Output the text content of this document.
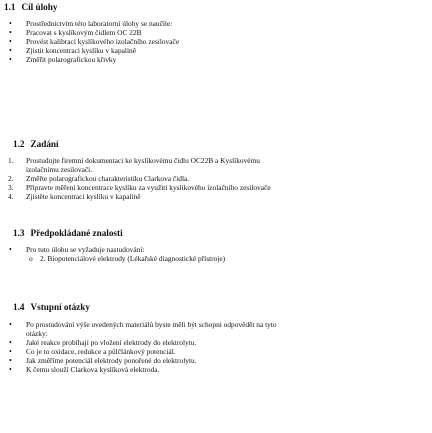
1.1 Cíl úlohy
• Prostřednictvím této laboratorní úlohy se naučíte:
• Pracovat s kyslíkovým čidlem OC 22B
• Provést kalibraci kyslíkového izolačního zesilovače
• Zjistit koncentraci kyslíku v kapalině
• Změřit polarografickou křivky
1.2 Zadání
1. Prostudujte firemní dokumentaci ke kyslíkovému čidlu OC22B a Kyslíkovému
izolačnímu zesilovači.
2. Změřte polarografickou charakteristiku Clarkova čidla.
3. Připravte měření koncentrace kyslíku za využití kyslíkového izolačního zesilovače
4. Zjistěte koncentraci kyslíku v kapalině
1.3 Předpokládané znalosti
• Pro tuto úlohu se vyžaduje nastudování:
o 2. Biopotenciálové elektrody (Lékařské diagnostické přístroje)
1.4 Vstupní otázky
• Po prostudování výše uvedených materiálů byste měli být schopni odpovědět na tyto
otázky:
• Jaké reakce probíhají po vložení elektrody do elektrolytu.
• Co je to oxidace, redukce a půlčlánkový potenciál.
• Jak změříme potenciál elektrody ponořené do elektrolytu.
• K čemu slouží Clarkova kyslíková elektroda.
